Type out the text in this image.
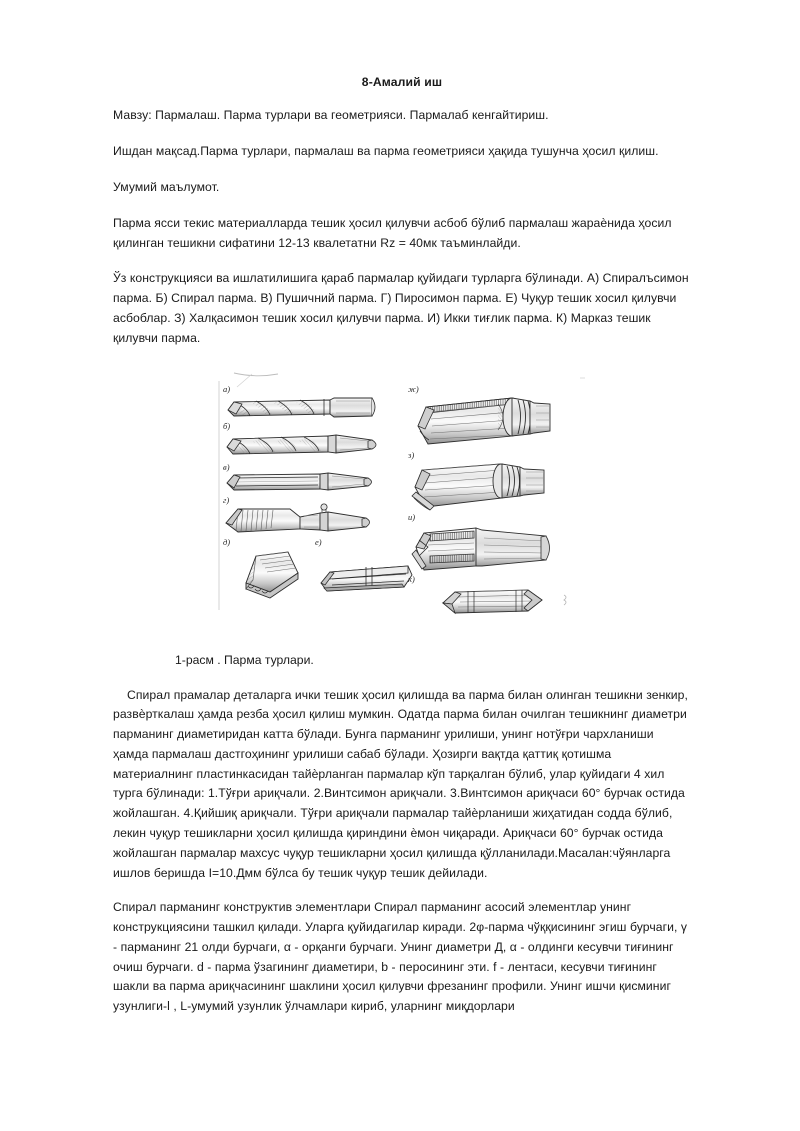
8-Амалий иш

Мавзу: Пармалаш. Парма турлари ва геометрияси. Пармалаб кенгайтириш.

Ишдан мақсад.Парма турлари, пармалаш ва парма геометрияси ҳақида тушунча ҳосил қилиш.

Умумий маълумот.

Парма ясси текис материалларда тешик ҳосил қилувчи асбоб бўлиб пармалаш жараѐнида ҳосил қилинган тешикни сифатини 12-13 квалетатни Rz = 40мк таъминлайди.

Ўз конструкцияси ва ишлатилишига қараб пармалар қуйидаги турларга бўлинади. А) Спиралъсимон парма. Б) Спирал парма. В) Пушичний парма. Г) Пиросимон парма. Е) Чуқур тешик хосил қилувчи асбоблар. З) Халқасимон тешик хосил қилувчи парма. И) Икки тиғлик парма. К) Марказ тешик қилувчи парма.

а)
б)
в)
г)
д)	е)
ж)
з)
и)
к)

1-расм . Парма турлари.

Спирал прамалар деталарга ички тешик ҳосил қилишда ва парма билан олинган тешикни зенкир, развѐрткалаш ҳамда резба ҳосил қилиш мумкин. Одатда парма билан очилган тешикнинг диаметри парманинг диаметиридан катта бўлади. Бунга парманинг урилиши, унинг нотўғри чархланиши ҳамда пармалаш дастгоҳининг урилиши сабаб бўлади. Ҳозирги вақтда қаттиқ қотишма материалнинг пластинкасидан тайѐрланган пармалар кўп тарқалган бўлиб, улар қуйидаги 4 хил турга бўлинади: 1.Тўғри ариқчали. 2.Винтсимон ариқчали. 3.Винтсимон ариқчаси 60° бурчак остида жойлашган. 4.Қийшиқ ариқчали. Тўғри ариқчали пармалар тайѐрланиши жиҳатидан содда бўлиб, лекин чуқур тешикларни ҳосил қилишда қириндини ѐмон чиқаради. Ариқчаси 60° бурчак остида жойлашган пармалар махсус чуқур тешикларни ҳосил қилишда қўлланилади.Масалан:чўянларга ишлов беришда I=10.Дмм бўлса бу тешик чуқур тешик дейилади.

Спирал парманинг конструктив элементлари Спирал парманинг асосий элементлар унинг конструкциясини ташкил қилади. Уларга қуйидагилар киради. 2φ-парма чўққисининг эгиш бурчаги, γ - парманинг 21 олди бурчаги, α - орқанги бурчаги. Унинг диаметри Д, α - олдинги кесувчи тиғининг очиш бурчаги. d - парма ўзагининг диаметири, b - перосининг эти. f - лентаси, кесувчи тиғининг шакли ва парма ариқчасининг шаклини ҳосил қилувчи фрезанинг профили. Унинг ишчи қисминиг узунлиги-l , L-умумий узунлик ўлчамлари кириб, уларнинг миқдорлари
